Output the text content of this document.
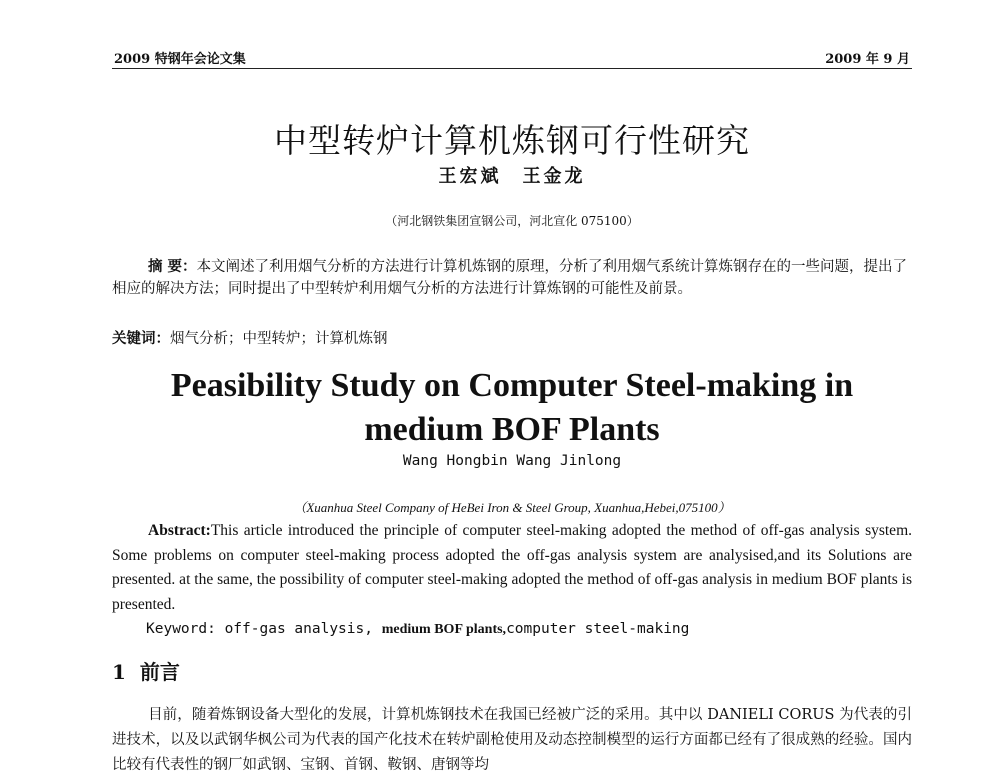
2009 特钢年会论文集	2009 年 9 月
中型转炉计算机炼钢可行性研究
王宏斌　王金龙
（河北钢铁集团宣钢公司，河北宣化 075100）
摘 要：本文阐述了利用烟气分析的方法进行计算机炼钢的原理，分析了利用烟气系统计算炼钢存在的一些问题，提出了相应的解决方法；同时提出了中型转炉利用烟气分析的方法进行计算炼钢的可能性及前景。
关键词：烟气分析；中型转炉；计算机炼钢
Peasibility Study on Computer Steel-making in
medium BOF Plants
Wang Hongbin Wang Jinlong
（Xuanhua Steel Company of HeBei Iron & Steel Group, Xuanhua,Hebei,075100）
Abstract:This article introduced the principle of computer steel-making adopted the method of off-gas analysis system. Some problems on computer steel-making process adopted the off-gas analysis system are analysised,and its Solutions are presented. at the same, the possibility of computer steel-making adopted the method of off-gas analysis in medium BOF plants is presented.
Keyword: off-gas analysis, medium BOF plants,computer steel-making
1 前言
目前，随着炼钢设备大型化的发展，计算机炼钢技术在我国已经被广泛的采用。其中以 DANIELI CORUS 为代表的引进技术，以及以武钢华枫公司为代表的国产化技术在转炉副枪使用及动态控制模型的运行方面都已经有了很成熟的经验。国内比较有代表性的钢厂如武钢、宝钢、首钢、鞍钢、唐钢等均
